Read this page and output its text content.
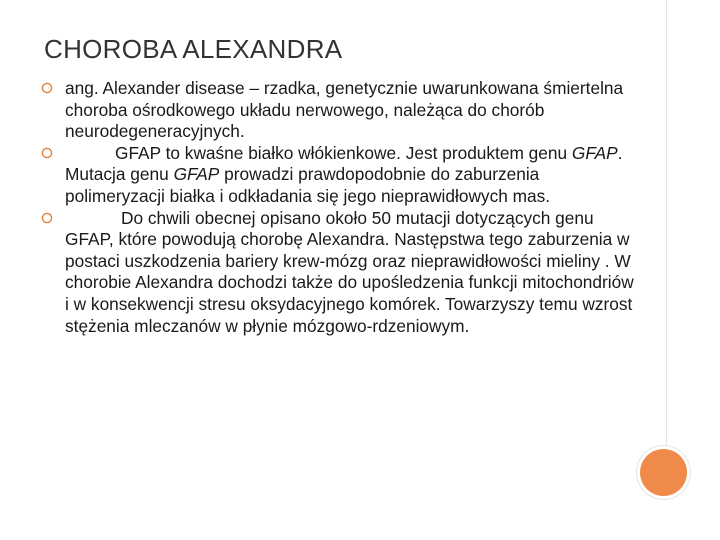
CHOROBA ALEXANDRA
ang. Alexander disease – rzadka, genetycznie uwarunkowana śmiertelna choroba ośrodkowego układu nerwowego, należąca do chorób neurodegeneracyjnych.
GFAP to kwaśne białko włókienkowe. Jest produktem genu GFAP. Mutacja genu GFAP prowadzi prawdopodobnie do zaburzenia polimeryzacji białka i odkładania się jego nieprawidłowych mas.
Do chwili obecnej opisano około 50 mutacji dotyczących genu GFAP, które powodują chorobę Alexandra. Następstwa tego zaburzenia w postaci uszkodzenia bariery krew-mózg oraz nieprawidłowości mieliny . W chorobie Alexandra dochodzi także do upośledzenia funkcji mitochondriów i w konsekwencji stresu oksydacyjnego komórek. Towarzyszy temu wzrost stężenia mleczanów w płynie mózgowo-rdzeniowym.
